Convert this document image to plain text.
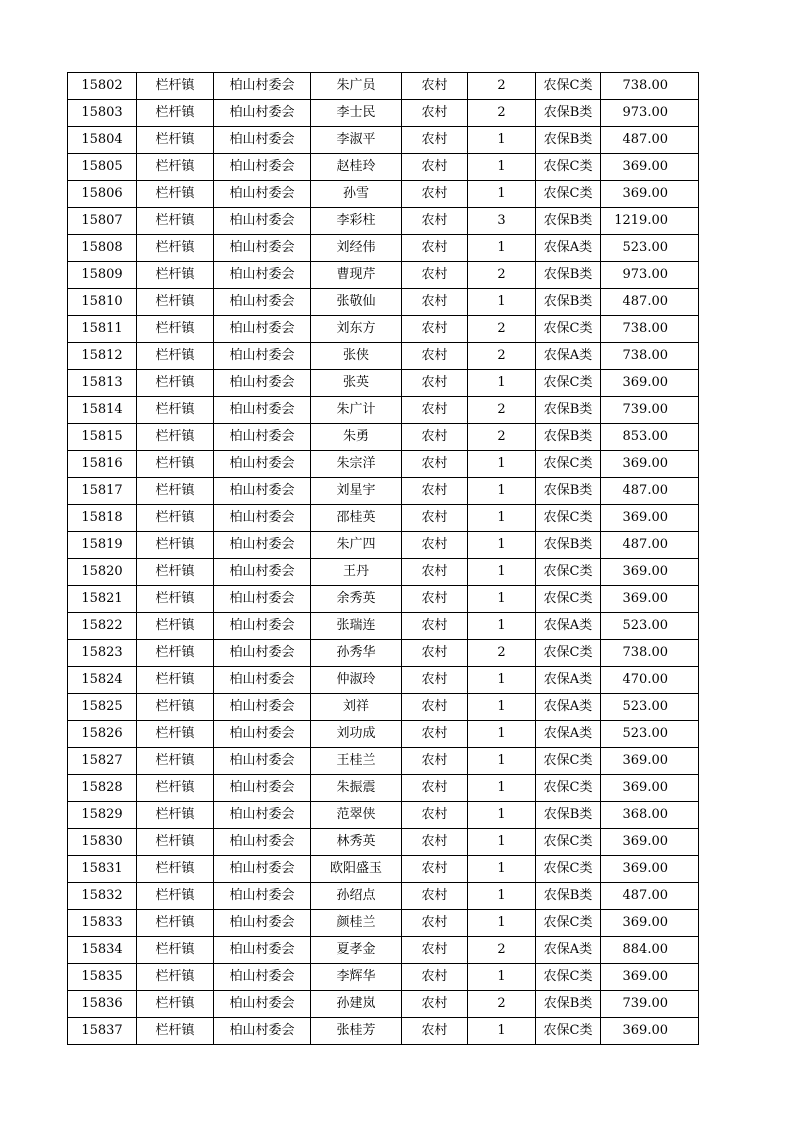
15802	栏杆镇	柏山村委会	朱广员	农村	2	农保C类	738.00
15803	栏杆镇	柏山村委会	李士民	农村	2	农保B类	973.00
15804	栏杆镇	柏山村委会	李淑平	农村	1	农保B类	487.00
15805	栏杆镇	柏山村委会	赵桂玲	农村	1	农保C类	369.00
15806	栏杆镇	柏山村委会	孙雪	农村	1	农保C类	369.00
15807	栏杆镇	柏山村委会	李彩柱	农村	3	农保B类	1219.00
15808	栏杆镇	柏山村委会	刘经伟	农村	1	农保A类	523.00
15809	栏杆镇	柏山村委会	曹现芹	农村	2	农保B类	973.00
15810	栏杆镇	柏山村委会	张敬仙	农村	1	农保B类	487.00
15811	栏杆镇	柏山村委会	刘东方	农村	2	农保C类	738.00
15812	栏杆镇	柏山村委会	张侠	农村	2	农保A类	738.00
15813	栏杆镇	柏山村委会	张英	农村	1	农保C类	369.00
15814	栏杆镇	柏山村委会	朱广计	农村	2	农保B类	739.00
15815	栏杆镇	柏山村委会	朱勇	农村	2	农保B类	853.00
15816	栏杆镇	柏山村委会	朱宗洋	农村	1	农保C类	369.00
15817	栏杆镇	柏山村委会	刘星宇	农村	1	农保B类	487.00
15818	栏杆镇	柏山村委会	邵桂英	农村	1	农保C类	369.00
15819	栏杆镇	柏山村委会	朱广四	农村	1	农保B类	487.00
15820	栏杆镇	柏山村委会	王丹	农村	1	农保C类	369.00
15821	栏杆镇	柏山村委会	余秀英	农村	1	农保C类	369.00
15822	栏杆镇	柏山村委会	张瑞连	农村	1	农保A类	523.00
15823	栏杆镇	柏山村委会	孙秀华	农村	2	农保C类	738.00
15824	栏杆镇	柏山村委会	仲淑玲	农村	1	农保A类	470.00
15825	栏杆镇	柏山村委会	刘祥	农村	1	农保A类	523.00
15826	栏杆镇	柏山村委会	刘功成	农村	1	农保A类	523.00
15827	栏杆镇	柏山村委会	王桂兰	农村	1	农保C类	369.00
15828	栏杆镇	柏山村委会	朱振震	农村	1	农保C类	369.00
15829	栏杆镇	柏山村委会	范翠侠	农村	1	农保B类	368.00
15830	栏杆镇	柏山村委会	林秀英	农村	1	农保C类	369.00
15831	栏杆镇	柏山村委会	欧阳盛玉	农村	1	农保C类	369.00
15832	栏杆镇	柏山村委会	孙绍点	农村	1	农保B类	487.00
15833	栏杆镇	柏山村委会	颜桂兰	农村	1	农保C类	369.00
15834	栏杆镇	柏山村委会	夏孝金	农村	2	农保A类	884.00
15835	栏杆镇	柏山村委会	李辉华	农村	1	农保C类	369.00
15836	栏杆镇	柏山村委会	孙建岚	农村	2	农保B类	739.00
15837	栏杆镇	柏山村委会	张桂芳	农村	1	农保C类	369.00
